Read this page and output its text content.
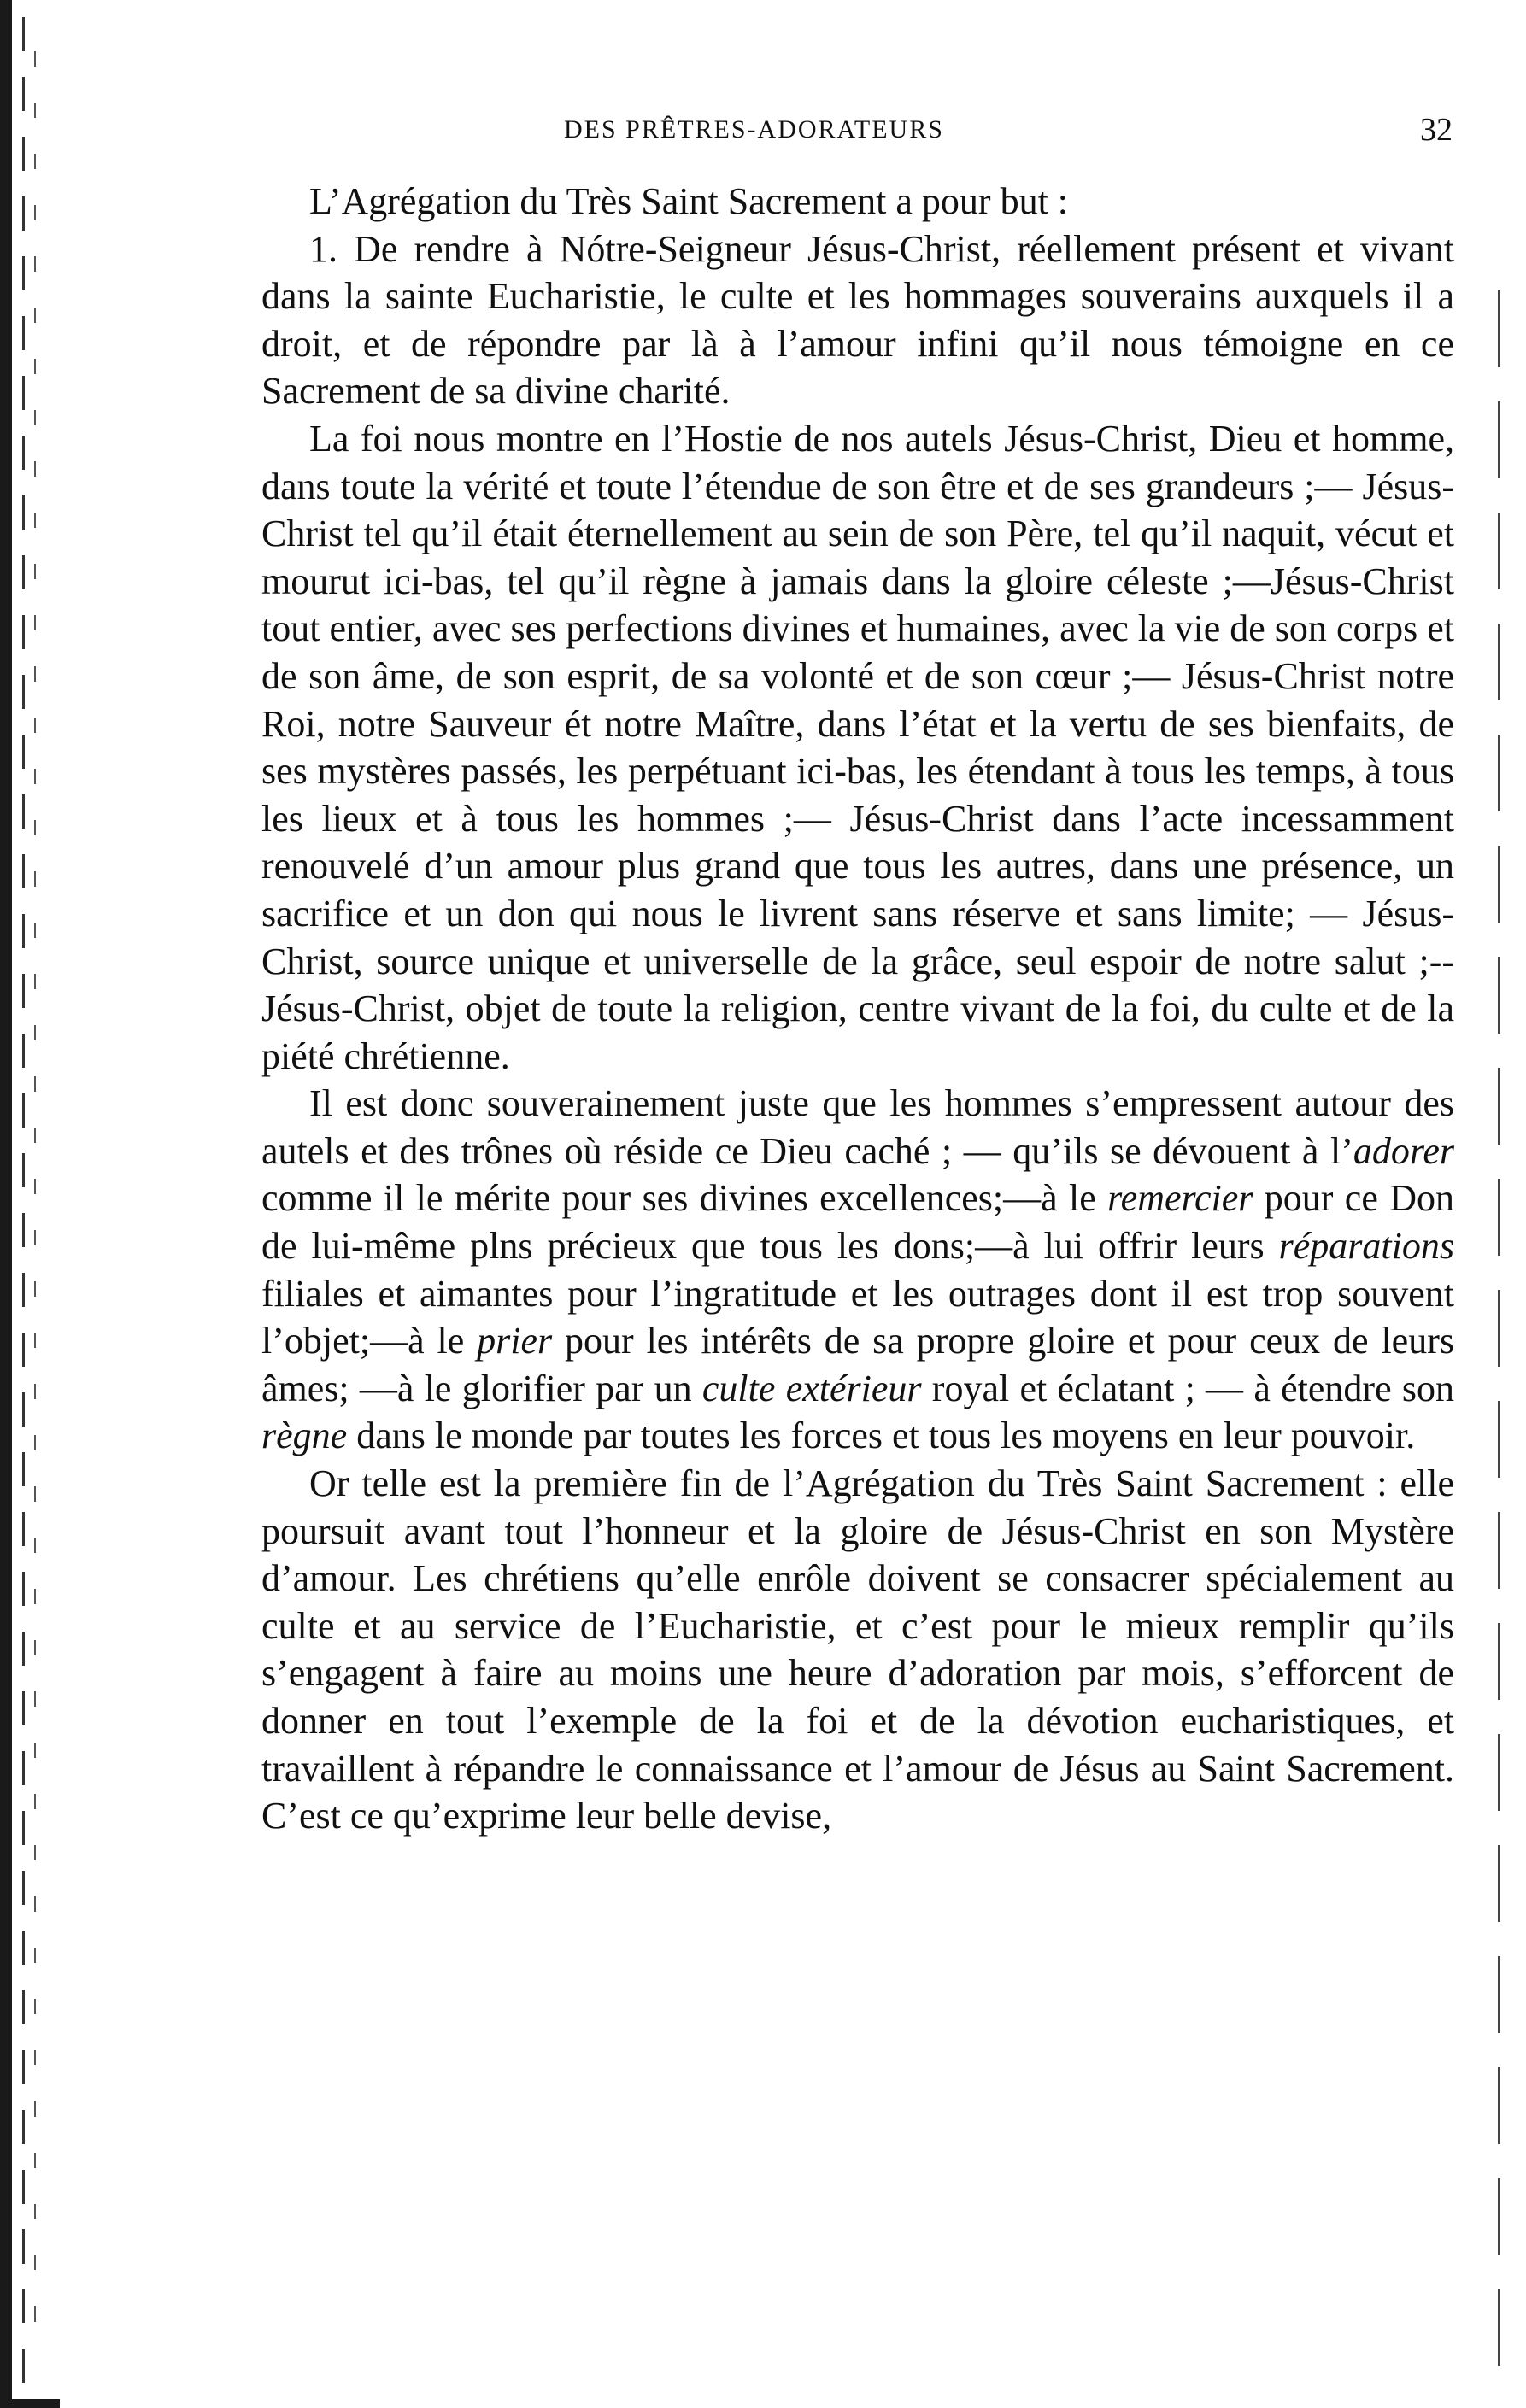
DES PRÊTRES-ADORATEURS	32

L’Agrégation du Très Saint Sacrement a pour but :

1. De rendre à Nótre-Seigneur Jésus-Christ, réellement présent et vivant dans la sainte Eucharistie, le culte et les hommages souverains auxquels il a droit, et de répondre par là à l’amour infini qu’il nous témoigne en ce Sacrement de sa divine charité.

La foi nous montre en l’Hostie de nos autels Jésus-Christ, Dieu et homme, dans toute la vérité et toute l’étendue de son être et de ses grandeurs ;— Jésus-Christ tel qu’il était éternellement au sein de son Père, tel qu’il naquit, vécut et mourut ici-bas, tel qu’il règne à jamais dans la gloire céleste ;—Jésus-Christ tout entier, avec ses perfections divines et humaines, avec la vie de son corps et de son âme, de son esprit, de sa volonté et de son cœur ;— Jésus-Christ notre Roi, notre Sauveur ét notre Maître, dans l’état et la vertu de ses bienfaits, de ses mystères passés, les perpétuant ici-bas, les étendant à tous les temps, à tous les lieux et à tous les hommes ;— Jésus-Christ dans l’acte incessamment renouvelé d’un amour plus grand que tous les autres, dans une présence, un sacrifice et un don qui nous le livrent sans réserve et sans limite; — Jésus-Christ, source unique et universelle de la grâce, seul espoir de notre salut ;-- Jésus-Christ, objet de toute la religion, centre vivant de la foi, du culte et de la piété chrétienne.

Il est donc souverainement juste que les hommes s’empressent autour des autels et des trônes où réside ce Dieu caché ; — qu’ils se dévouent à l’adorer comme il le mérite pour ses divines excellences;—à le remercier pour ce Don de lui-même plns précieux que tous les dons;—à lui offrir leurs réparations filiales et aimantes pour l’ingratitude et les outrages dont il est trop souvent l’objet;—à le prier pour les intérêts de sa propre gloire et pour ceux de leurs âmes; —à le glorifier par un culte extérieur royal et éclatant ; — à étendre son règne dans le monde par toutes les forces et tous les moyens en leur pouvoir.

Or telle est la première fin de l’Agrégation du Très Saint Sacrement : elle poursuit avant tout l’honneur et la gloire de Jésus-Christ en son Mystère d’amour. Les chrétiens qu’elle enrôle doivent se consacrer spécialement au culte et au service de l’Eucharistie, et c’est pour le mieux remplir qu’ils s’engagent à faire au moins une heure d’adoration par mois, s’efforcent de donner en tout l’exemple de la foi et de la dévotion eucharistiques, et travaillent à répandre le connaissance et l’amour de Jésus au Saint Sacrement. C’est ce qu’exprime leur belle devise,
